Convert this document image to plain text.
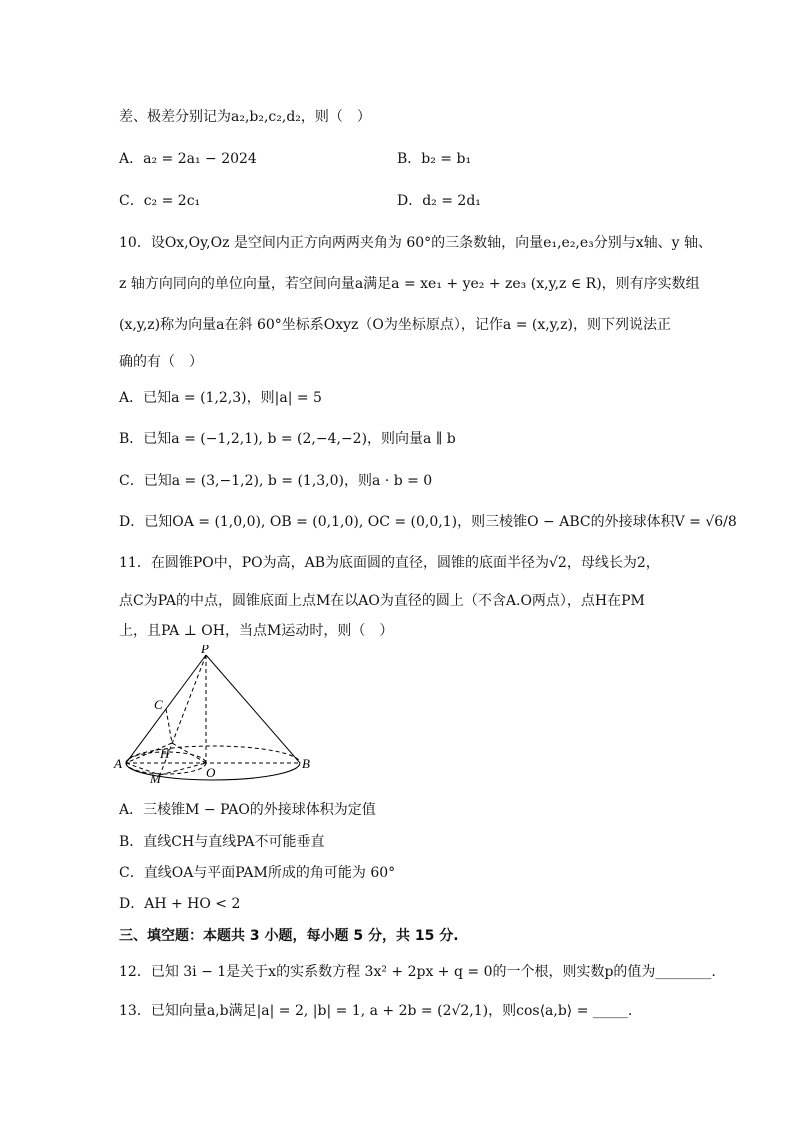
差、极差分别记为a₂,b₂,c₂,d₂，则（　）
A．a₂ = 2a₁ − 2024	B．b₂ = b₁
C．c₂ = 2c₁	D．d₂ = 2d₁
10．设Ox,Oy,Oz 是空间内正方向两两夹角为 60°的三条数轴，向量e₁,e₂,e₃分别与x轴、y 轴、
z 轴方向同向的单位向量，若空间向量a满足a = xe₁ + ye₂ + ze₃ (x,y,z ∈ R)，则有序实数组
(x,y,z)称为向量a在斜 60°坐标系Oxyz（O为坐标原点），记作a = (x,y,z)，则下列说法正
确的有（　）
A．已知a = (1,2,3)，则|a| = 5
B．已知a = (−1,2,1), b = (2,−4,−2)，则向量a ∥ b
C．已知a = (3,−1,2), b = (1,3,0)，则a · b = 0
D．已知OA = (1,0,0), OB = (0,1,0), OC = (0,0,1)，则三棱锥O − ABC的外接球体积V = √6/8
11．在圆锥PO中，PO为高，AB为底面圆的直径，圆锥的底面半径为√2，母线长为2，
点C为PA的中点，圆锥底面上点M在以AO为直径的圆上（不含A.O两点），点H在PM
上，且PA ⊥ OH，当点M运动时，则（　）
P
C
H
A
M	O
B
A．三棱锥M − PAO的外接球体积为定值
B．直线CH与直线PA不可能垂直
C．直线OA与平面PAM所成的角可能为 60°
D．AH + HO < 2
三、填空题：本题共 3 小题，每小题 5 分，共 15 分.
12．已知 3i − 1是关于x的实系数方程 3x² + 2px + q = 0的一个根，则实数p的值为________.
13．已知向量a,b满足|a| = 2, |b| = 1, a + 2b = (2√2,1)，则cos⟨a,b⟩ = _____.
